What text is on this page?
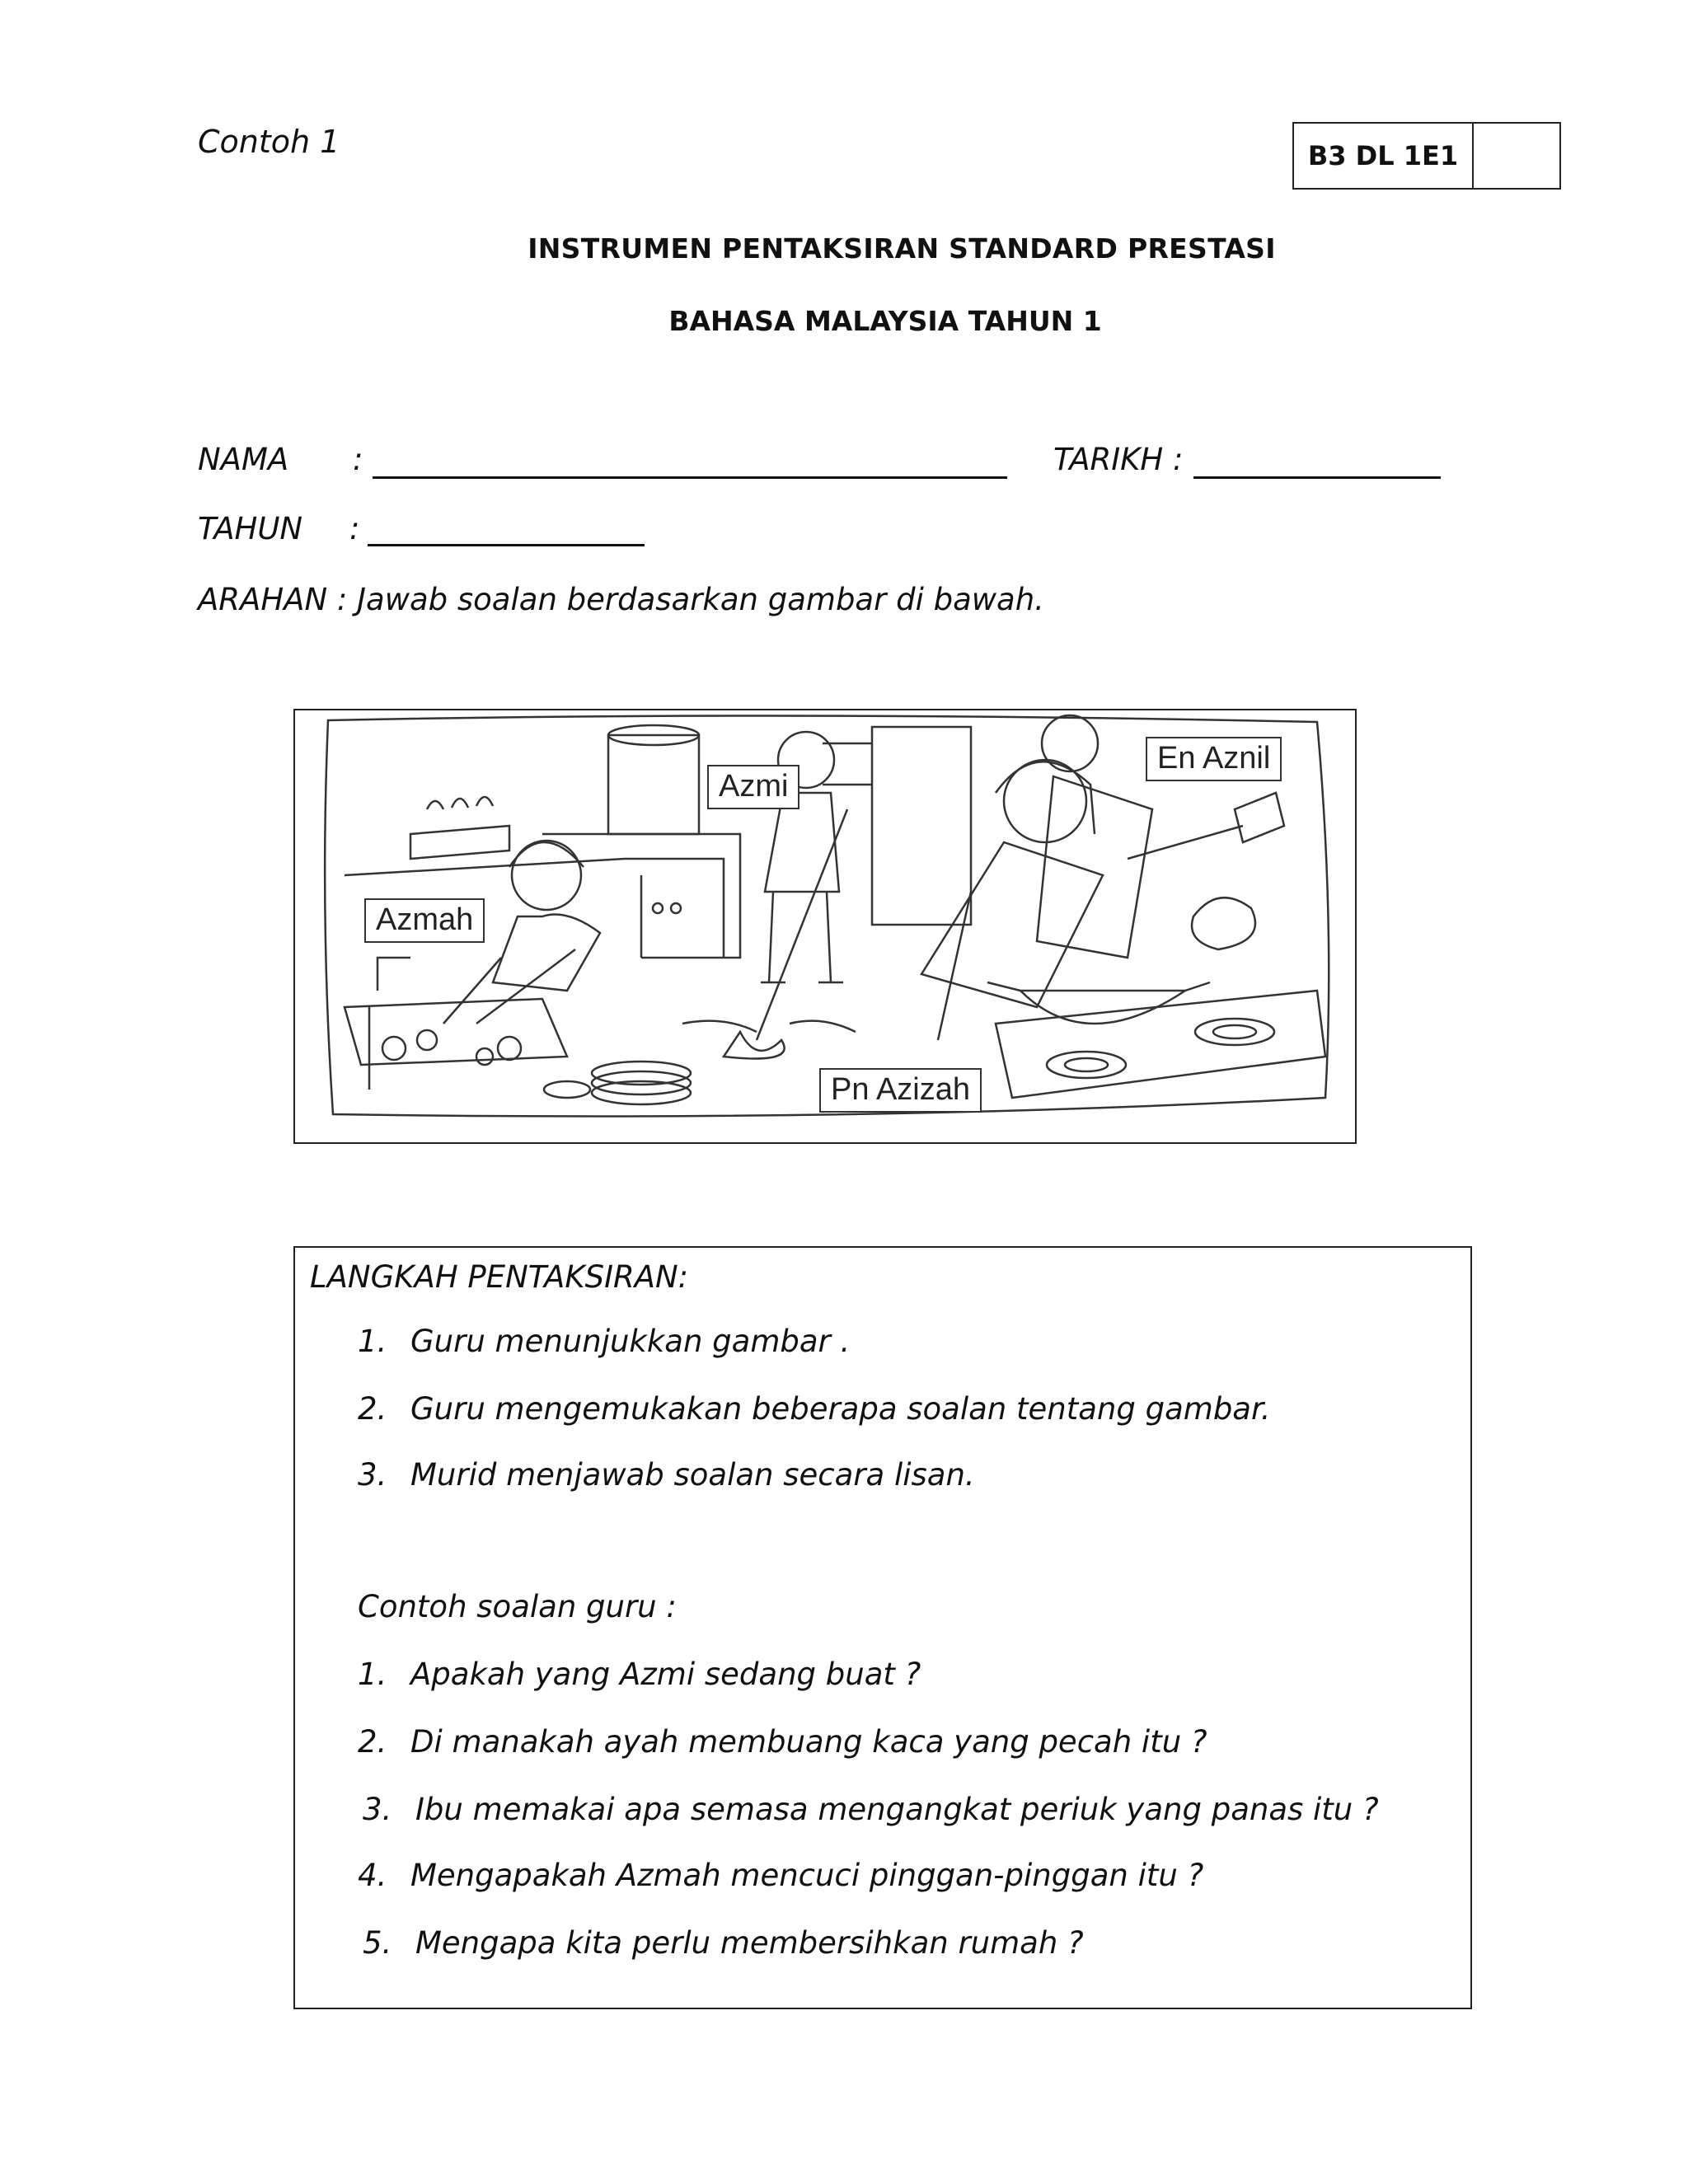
Contoh 1	B3 DL 1E1
INSTRUMEN PENTAKSIRAN STANDARD PRESTASI
BAHASA MALAYSIA TAHUN 1
NAMA :	TARIKH :
TAHUN :
ARAHAN : Jawab soalan berdasarkan gambar di bawah.
Azmi
En Aznil
Azmah
Pn Azizah
LANGKAH PENTAKSIRAN:
1. Guru menunjukkan gambar .
2. Guru mengemukakan beberapa soalan tentang gambar.
3. Murid menjawab soalan secara lisan.
Contoh soalan guru :
1. Apakah yang Azmi sedang buat ?
2. Di manakah ayah membuang kaca yang pecah itu ?
3. Ibu memakai apa semasa mengangkat periuk yang panas itu ?
4. Mengapakah Azmah mencuci pinggan-pinggan itu ?
5. Mengapa kita perlu membersihkan rumah ?
